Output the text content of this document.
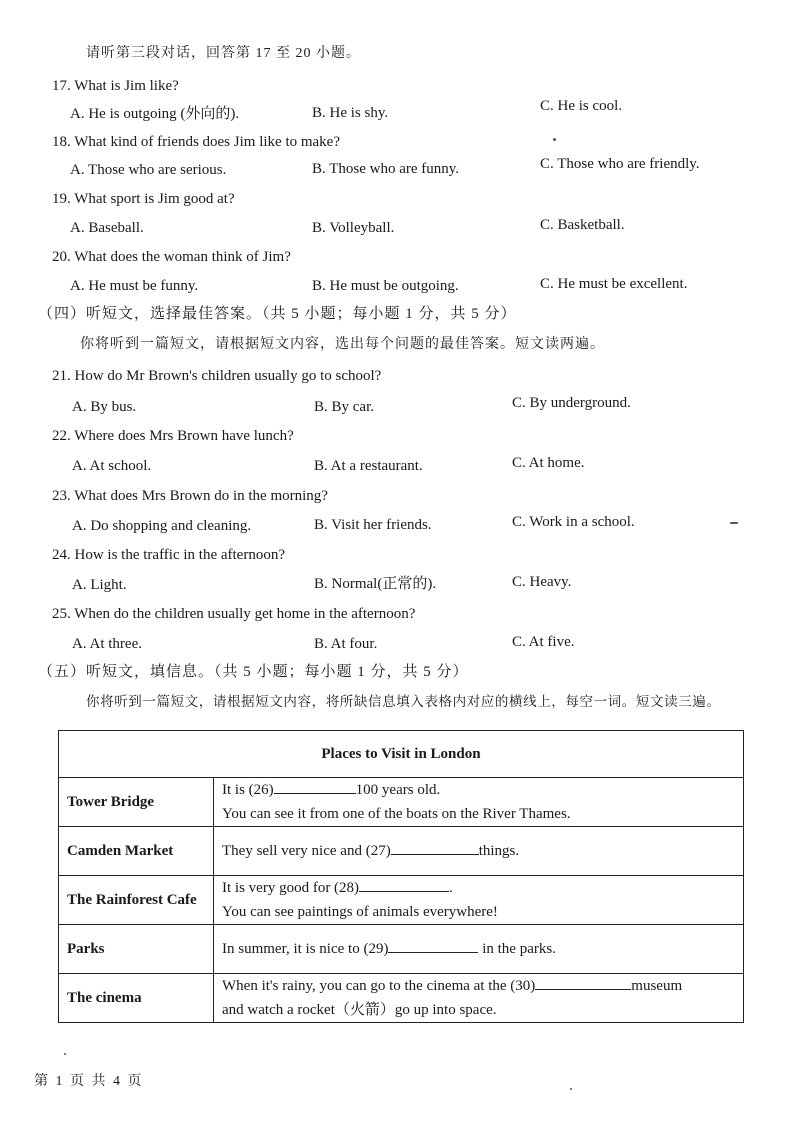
请听第三段对话，回答第 17 至 20 小题。
17. What is Jim like?
A. He is outgoing (外向的).	B. He is shy.	C. He is cool.
18. What kind of friends does Jim like to make?
A. Those who are serious.	B. Those who are funny.	C. Those who are friendly.
19. What sport is Jim good at?
A. Baseball.	B. Volleyball.	C. Basketball.
20. What does the woman think of Jim?
A. He must be funny.	B. He must be outgoing.	C. He must be excellent.
（四）听短文，选择最佳答案。（共 5 小题；每小题 1 分，共 5 分）
你将听到一篇短文，请根据短文内容，选出每个问题的最佳答案。短文读两遍。
21. How do Mr Brown's children usually go to school?
A. By bus.	B. By car.	C. By underground.
22. Where does Mrs Brown have lunch?
A. At school.	B. At a restaurant.	C. At home.
23. What does Mrs Brown do in the morning?
A. Do shopping and cleaning.	B. Visit her friends.	C. Work in a school.
24. How is the traffic in the afternoon?
A. Light.	B. Normal(正常的).	C. Heavy.
25. When do the children usually get home in the afternoon?
A. At three.	B. At four.	C. At five.
（五）听短文，填信息。（共 5 小题；每小题 1 分，共 5 分）
你将听到一篇短文，请根据短文内容，将所缺信息填入表格内对应的横线上，每空一词。短文读三遍。
Places to Visit in London	
Tower Bridge	It is (26) 100 years old.
You can see it from one of the boats on the River Thames.

Camden Market	They sell very nice and (27) things.
The Rainforest Cafe	It is very good for (28) .
You can see paintings of animals everywhere!

Parks	In summer, it is nice to (29) in the parks.
The cinema	When it's rainy, you can go to the cinema at the (30) museum
and watch a rocket（火箭）go up into space.
第 1 页 共 4 页
